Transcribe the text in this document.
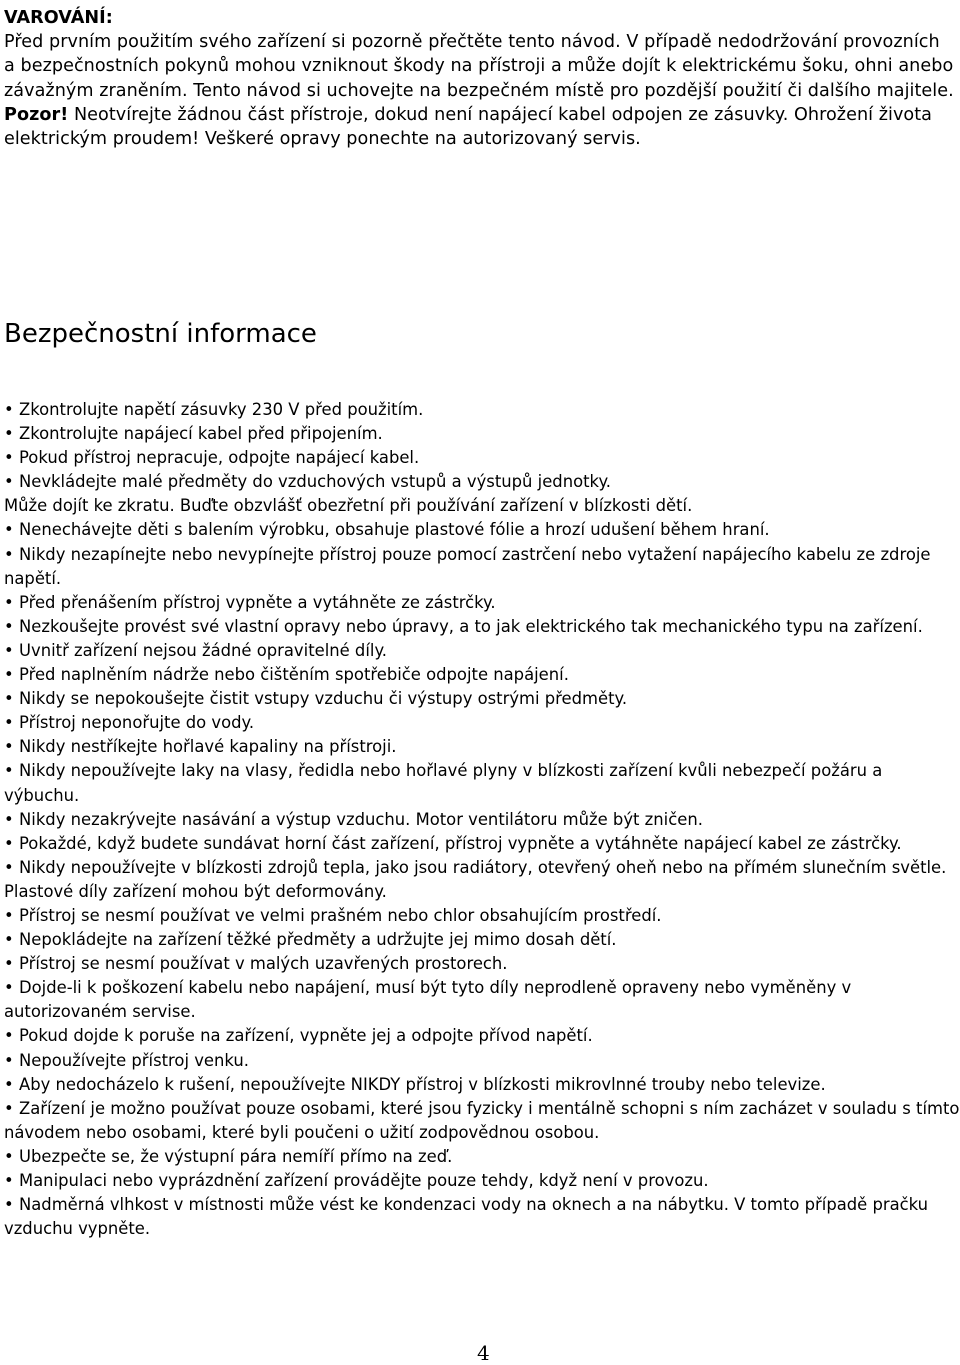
VAROVÁNÍ:
Před prvním použitím svého zařízení si pozorně přečtěte tento návod. V případě nedodržování provozních a bezpečnostních pokynů mohou vzniknout škody na přístroji a může dojít k elektrickému šoku, ohni anebo závažným zraněním. Tento návod si uchovejte na bezpečném místě pro pozdější použití či dalšího majitele.
Pozor! Neotvírejte žádnou část přístroje, dokud není napájecí kabel odpojen ze zásuvky. Ohrožení života elektrickým proudem! Veškeré opravy ponechte na autorizovaný servis.
Bezpečnostní informace
• Zkontrolujte napětí zásuvky 230 V před použitím.
• Zkontrolujte napájecí kabel před připojením.
• Pokud přístroj nepracuje, odpojte napájecí kabel.
• Nevkládejte malé předměty do vzduchových vstupů a výstupů jednotky.
Může dojít ke zkratu. Buďte obzvlášť obezřetní při používání zařízení v blízkosti dětí.
• Nenechávejte děti s balením výrobku, obsahuje plastové fólie a hrozí udušení během hraní.
• Nikdy nezapínejte nebo nevypínejte přístroj pouze pomocí zastrčení nebo vytažení napájecího kabelu ze zdroje napětí.
• Před přenášením přístroj vypněte a vytáhněte ze zástrčky.
• Nezkoušejte provést své vlastní opravy nebo úpravy, a to jak elektrického tak mechanického typu na zařízení.
• Uvnitř zařízení nejsou žádné opravitelné díly.
• Před naplněním nádrže nebo čištěním spotřebiče odpojte napájení.
• Nikdy se nepokoušejte čistit vstupy vzduchu či výstupy ostrými předměty.
• Přístroj neponořujte do vody.
• Nikdy nestříkejte hořlavé kapaliny na přístroji.
• Nikdy nepoužívejte laky na vlasy, ředidla nebo hořlavé plyny v blízkosti zařízení kvůli nebezpečí požáru a výbuchu.
• Nikdy nezakrývejte nasávání a výstup vzduchu. Motor ventilátoru může být zničen.
• Pokaždé, když budete sundávat horní část zařízení, přístroj vypněte a vytáhněte napájecí kabel ze zástrčky.
• Nikdy nepoužívejte v blízkosti zdrojů tepla, jako jsou radiátory, otevřený oheň nebo na přímém slunečním světle. Plastové díly zařízení mohou být deformovány.
• Přístroj se nesmí používat ve velmi prašném nebo chlor obsahujícím prostředí.
• Nepokládejte na zařízení těžké předměty a udržujte jej mimo dosah dětí.
• Přístroj se nesmí používat v malých uzavřených prostorech.
• Dojde-li k poškození kabelu nebo napájení, musí být tyto díly neprodleně opraveny nebo vyměněny v autorizovaném servise.
• Pokud dojde k poruše na zařízení, vypněte jej a odpojte přívod napětí.
• Nepoužívejte přístroj venku.
• Aby nedocházelo k rušení, nepoužívejte NIKDY přístroj v blízkosti mikrovlnné trouby nebo televize.
• Zařízení je možno používat pouze osobami, které jsou fyzicky i mentálně schopni s ním zacházet v souladu s tímto návodem nebo osobami, které byli poučeni o užití zodpovědnou osobou.
• Ubezpečte se, že výstupní pára nemíří přímo na zeď.
• Manipulaci nebo vyprázdnění zařízení provádějte pouze tehdy, když není v provozu.
• Nadměrná vlhkost v místnosti může vést ke kondenzaci vody na oknech a na nábytku. V tomto případě pračku vzduchu vypněte.
4
